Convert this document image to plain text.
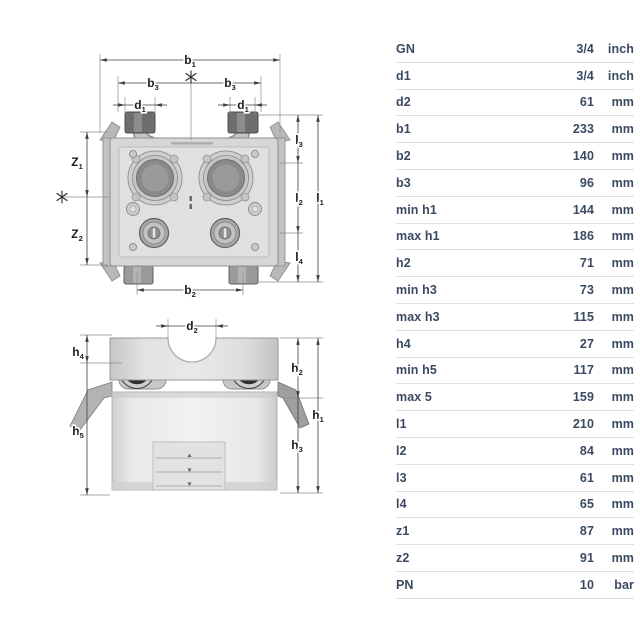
$b_1$
$b_3$	$b_3$
$d_1$	$d_1$
$Z_1$
$Z_2$
$l_3$
$l_2$ $l_1$
$l_4$
$b_2$
$d_2$
$h_4$
$h_5$
$h_2$
$h_1$
$h_3$
GN	3/4	inch
d1	3/4	inch
d2	61	mm
b1	233	mm
b2	140	mm
b3	96	mm
min h1	144	mm
max h1	186	mm
h2	71	mm
min h3	73	mm
max h3	115	mm
h4	27	mm
min h5	117	mm
max 5	159	mm
l1	210	mm
l2	84	mm
l3	61	mm
l4	65	mm
z1	87	mm
z2	91	mm
PN	10	bar
